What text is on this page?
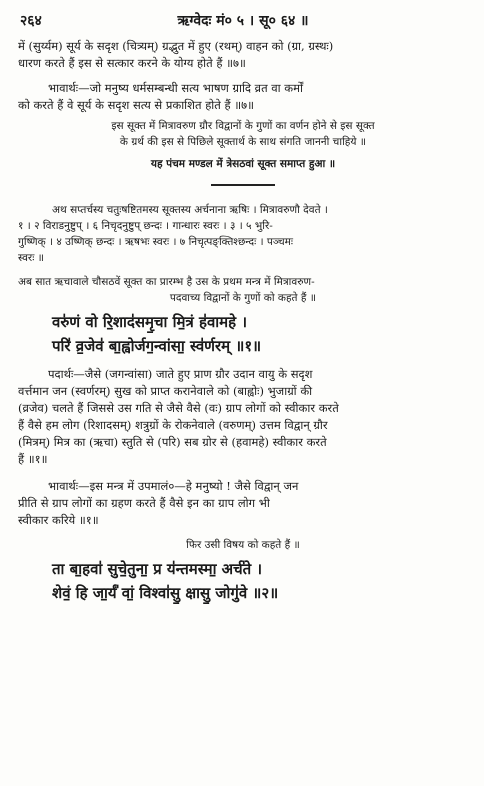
२६४	ऋग्वेदः मं० ५ । सू० ६४ ॥

में (सुर्य्यम) सूर्य के सदृश (चित्र्यम्) ग्रद्भुत में हुए (रथम्) वाहन को (ग्रा, ग्रस्थः)

धारण करते हैं इस से सत्कार करने के योग्य होते हैं ॥७॥

भावार्थः—जो मनुष्य धर्मसम्बन्धी सत्य भाषण ग्रादि व्रत वा कर्मों

को करते हैं वे सूर्य के सदृश सत्य से प्रकाशित होते हैं ॥७॥

इस सूक्त में मित्रावरुण ग्रौर विद्वानों के गुणों का वर्णन होने से इस सूक्त

के ग्रर्थ की इस से पिछिले सूक्तार्थ के साथ संगति जाननी चाहिये ॥

यह पंचम मण्डल में त्रेसठवां सूक्त समाप्त हुआ ॥

अथ सप्तर्चस्य चतुःषष्टितमस्य सूक्तस्य अर्चनाना ऋषिः । मित्रावरुणौ देवते ।

१ । २ विराडनुष्टुप् । ६ निचृदनुष्टुप् छन्दः । गान्धारः स्वरः । ३ । ५ भुरि-

गुष्णिक् । ४ उष्णिक् छन्दः । ऋषभः स्वरः । ७ निचृत्पङ्क्तिश्छन्दः । पञ्चमः

स्वरः ॥

अब सात ऋचावाले चौसठवें सूक्त का प्रारम्भ है उस के प्रथम मन्त्र में मित्रावरुण-

पदवाच्य विद्वानों के गुणों को कहते हैं ॥

वरु॑णं वो रि॒शाद॑समृ॒चा मि॒त्रं ह॑वामहे ।

परि॑ व्र॒जेव॑ बा॒ह्वोर्जग॒न्वांसा॒ स्व॑र्णरम् ॥१॥

पदार्थः—जैसे (जगन्वांसा) जाते हुए प्राण ग्रौर उदान वायु के सदृश

वर्त्तमान जन (स्वर्णरम्) सुख को प्राप्त करानेवाले को (बाह्वोः) भुजाग्रों की

(व्रजेव) चलते हैं जिससे उस गति से जैसे वैसे (वः) ग्राप लोगों को स्वीकार करते

हैं वैसे हम लोग (रिशादसम्) शत्रुग्रों के रोकनेवाले (वरुणम्) उत्तम विद्वान् ग्रौर

(मित्रम्) मित्र का (ऋचा) स्तुति से (परि) सब ग्रोर से (हवामहे) स्वीकार करते

हैं ॥१॥

भावार्थः—इस मन्त्र में उपमालं०—हे मनुष्यो ! जैसे विद्वान् जन

प्रीति से ग्राप लोगों का ग्रहण करते हैं वैसे इन का ग्राप लोग भी

स्वीकार करिये ॥१॥

फिर उसी विषय को कहते हैं ॥

ता बा॒हवा॑ सुचे॒तुना॒ प्र य॑न्तमस्मा॒ अर्च॑ते ।

शेवं॒ हि जा॒र्यं॑ वां॒ विश्वा॑सु॒ क्षासु॒ जोगु॑वे ॥२॥
